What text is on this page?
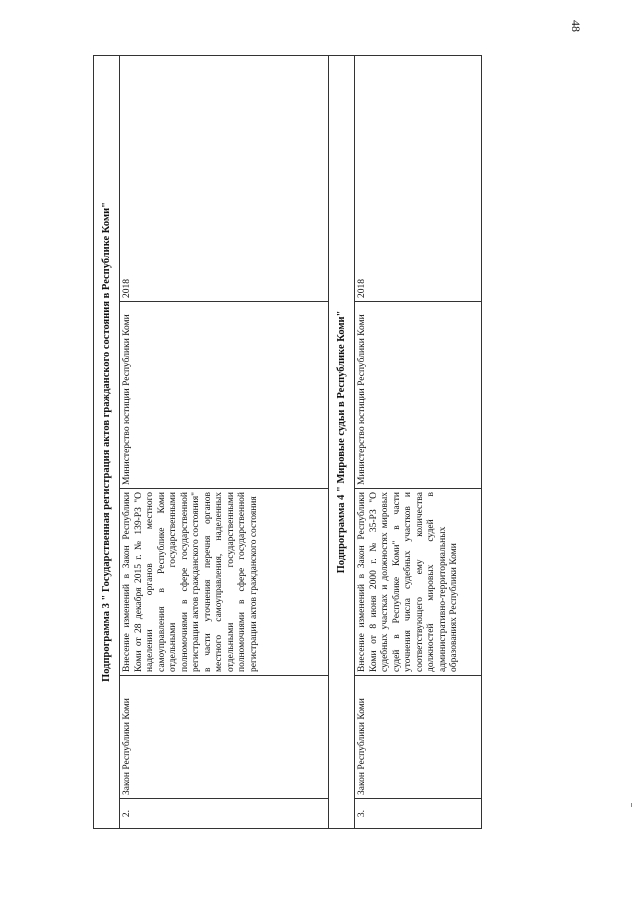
48
Подпрограмма 3 " Государственная регистрация актов гражданского состояния в Республике Коми"				
2.	Закон Республики Коми	Внесение изменений в Закон Республики Коми от 28 декабря 2015 г. № 139-РЗ "О наделении органов местного самоуправления в Республике Коми отдельными государственными полномочиями в сфере государственной регистрации актов гражданского состояния" в части уточнения перечня органов местного самоуправления, наделенных отдельными государственными полномочиями в сфере государственной регистрации актов гражданского состояния	Министерство юстиции Республики Коми	2018
Подпрограмма 4 " Мировые судьи в Республике Коми"				
3.	Закон Республики Коми	Внесение изменений в Закон Республики Коми от 8 июня 2000 г. № 35-РЗ "О судебных участках и должностях мировых судей в Республике Коми" в части уточнения числа судебных участков и соответствующего ему количества должностей мировых судей в административно-территориальных образованиях Республики Коми	Министерство юстиции Республики Коми	2018
